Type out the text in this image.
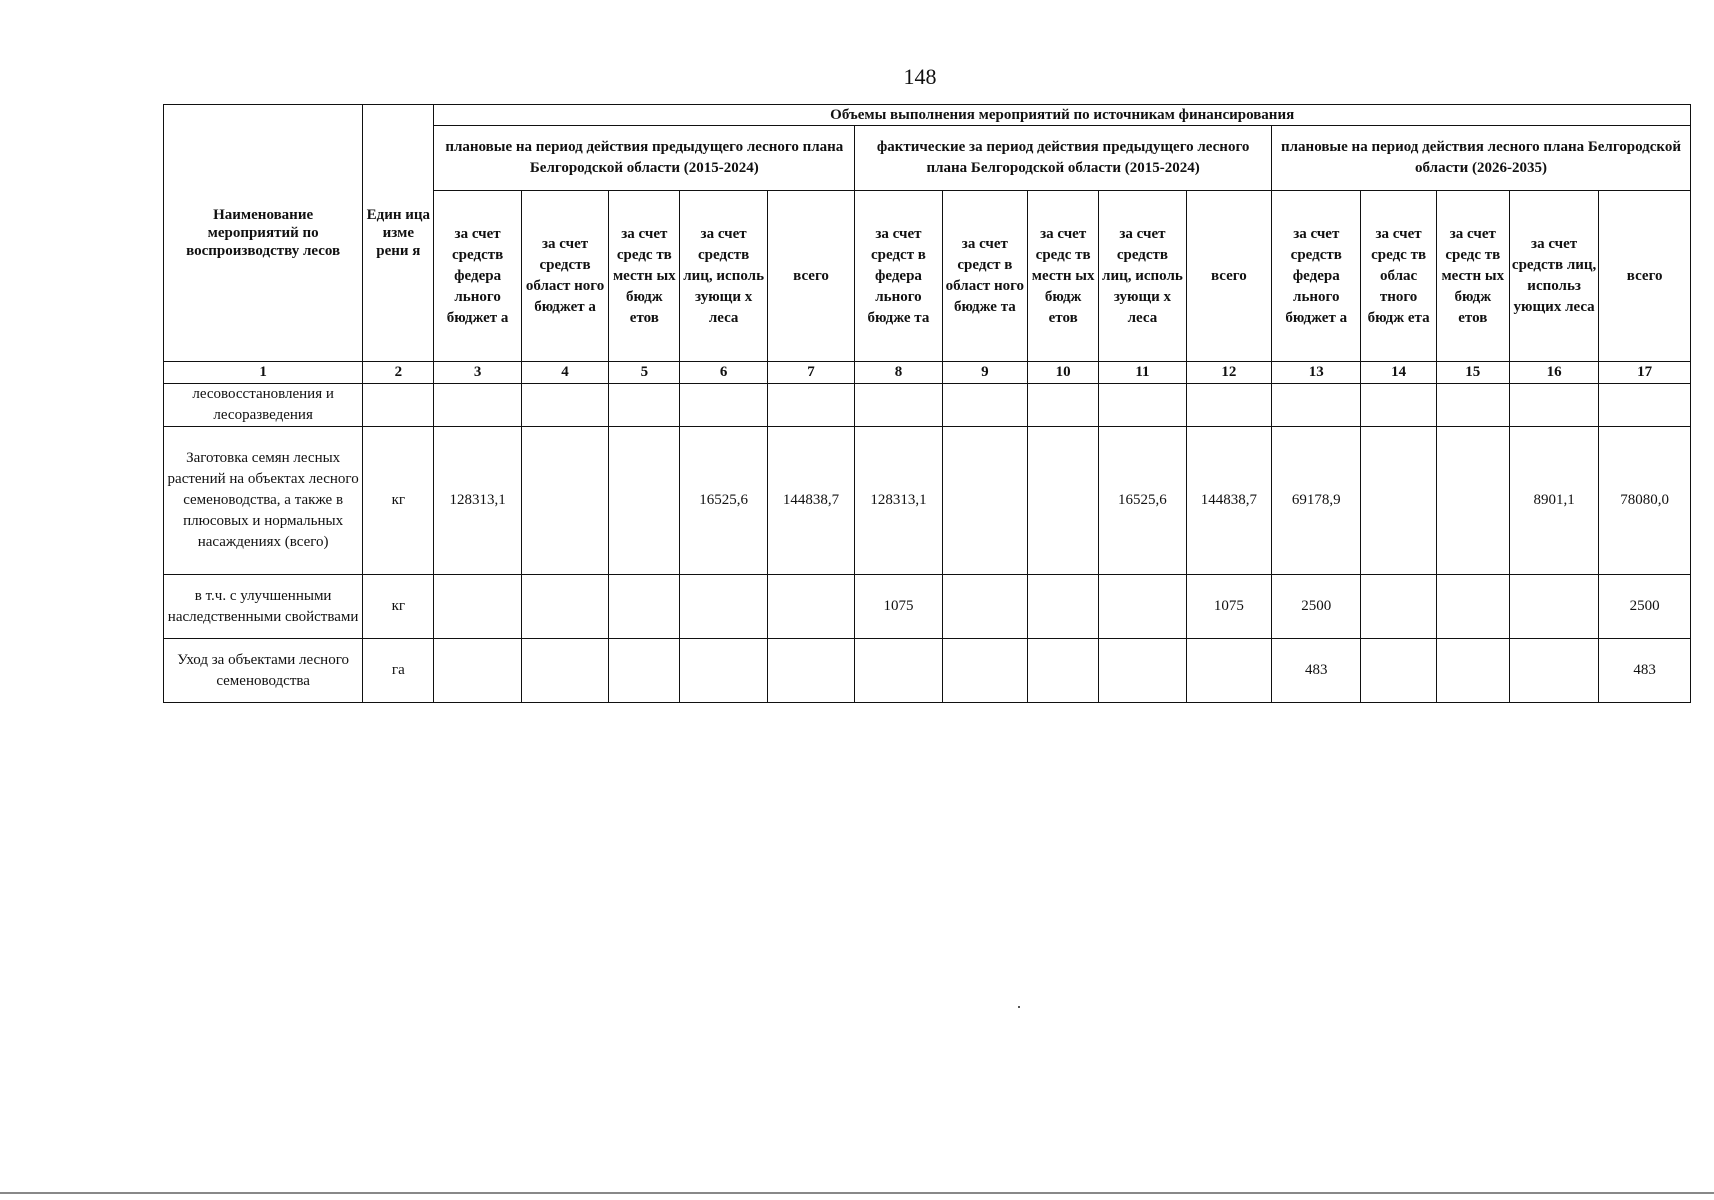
148
Наименование мероприятий по воспроизводству лесов	Един ица изме рени я	Объемы выполнения мероприятий по источникам финансирования														
		плановые на период действия предыдущего лесного плана Белгородской области (2015-2024)					фактические за период действия предыдущего лесного плана Белгородской области (2015-2024)					плановые на период действия лесного плана Белгородской области (2026-2035)				
		за счет средств федера льного бюджет а	за счет средств област ного бюджет а	за счет средс тв местн ых бюдж етов	за счет средств лиц, исполь зующи х леса	всего	за счет средст в федера льного бюдже та	за счет средст в област ного бюдже та	за счет средс тв местн ых бюдж етов	за счет средств лиц, исполь зующи х леса	всего	за счет средств федера льного бюджет а	за счет средс тв облас тного бюдж ета	за счет средс тв местн ых бюдж етов	за счет средств лиц, использ ующих леса	всего
1	2	3	4	5	6	7	8	9	10	11	12	13	14	15	16	17
лесовосстановления и лесоразведения																
Заготовка семян лесных растений на объектах лесного семеноводства, а также в плюсовых и нормальных насаждениях (всего)	кг	128313,1			16525,6	144838,7	128313,1			16525,6	144838,7	69178,9			8901,1	78080,0
в т.ч. с улучшенными наследственными свойствами	кг						1075				1075	2500				2500
Уход за объектами лесного семеноводства	га											483				483
